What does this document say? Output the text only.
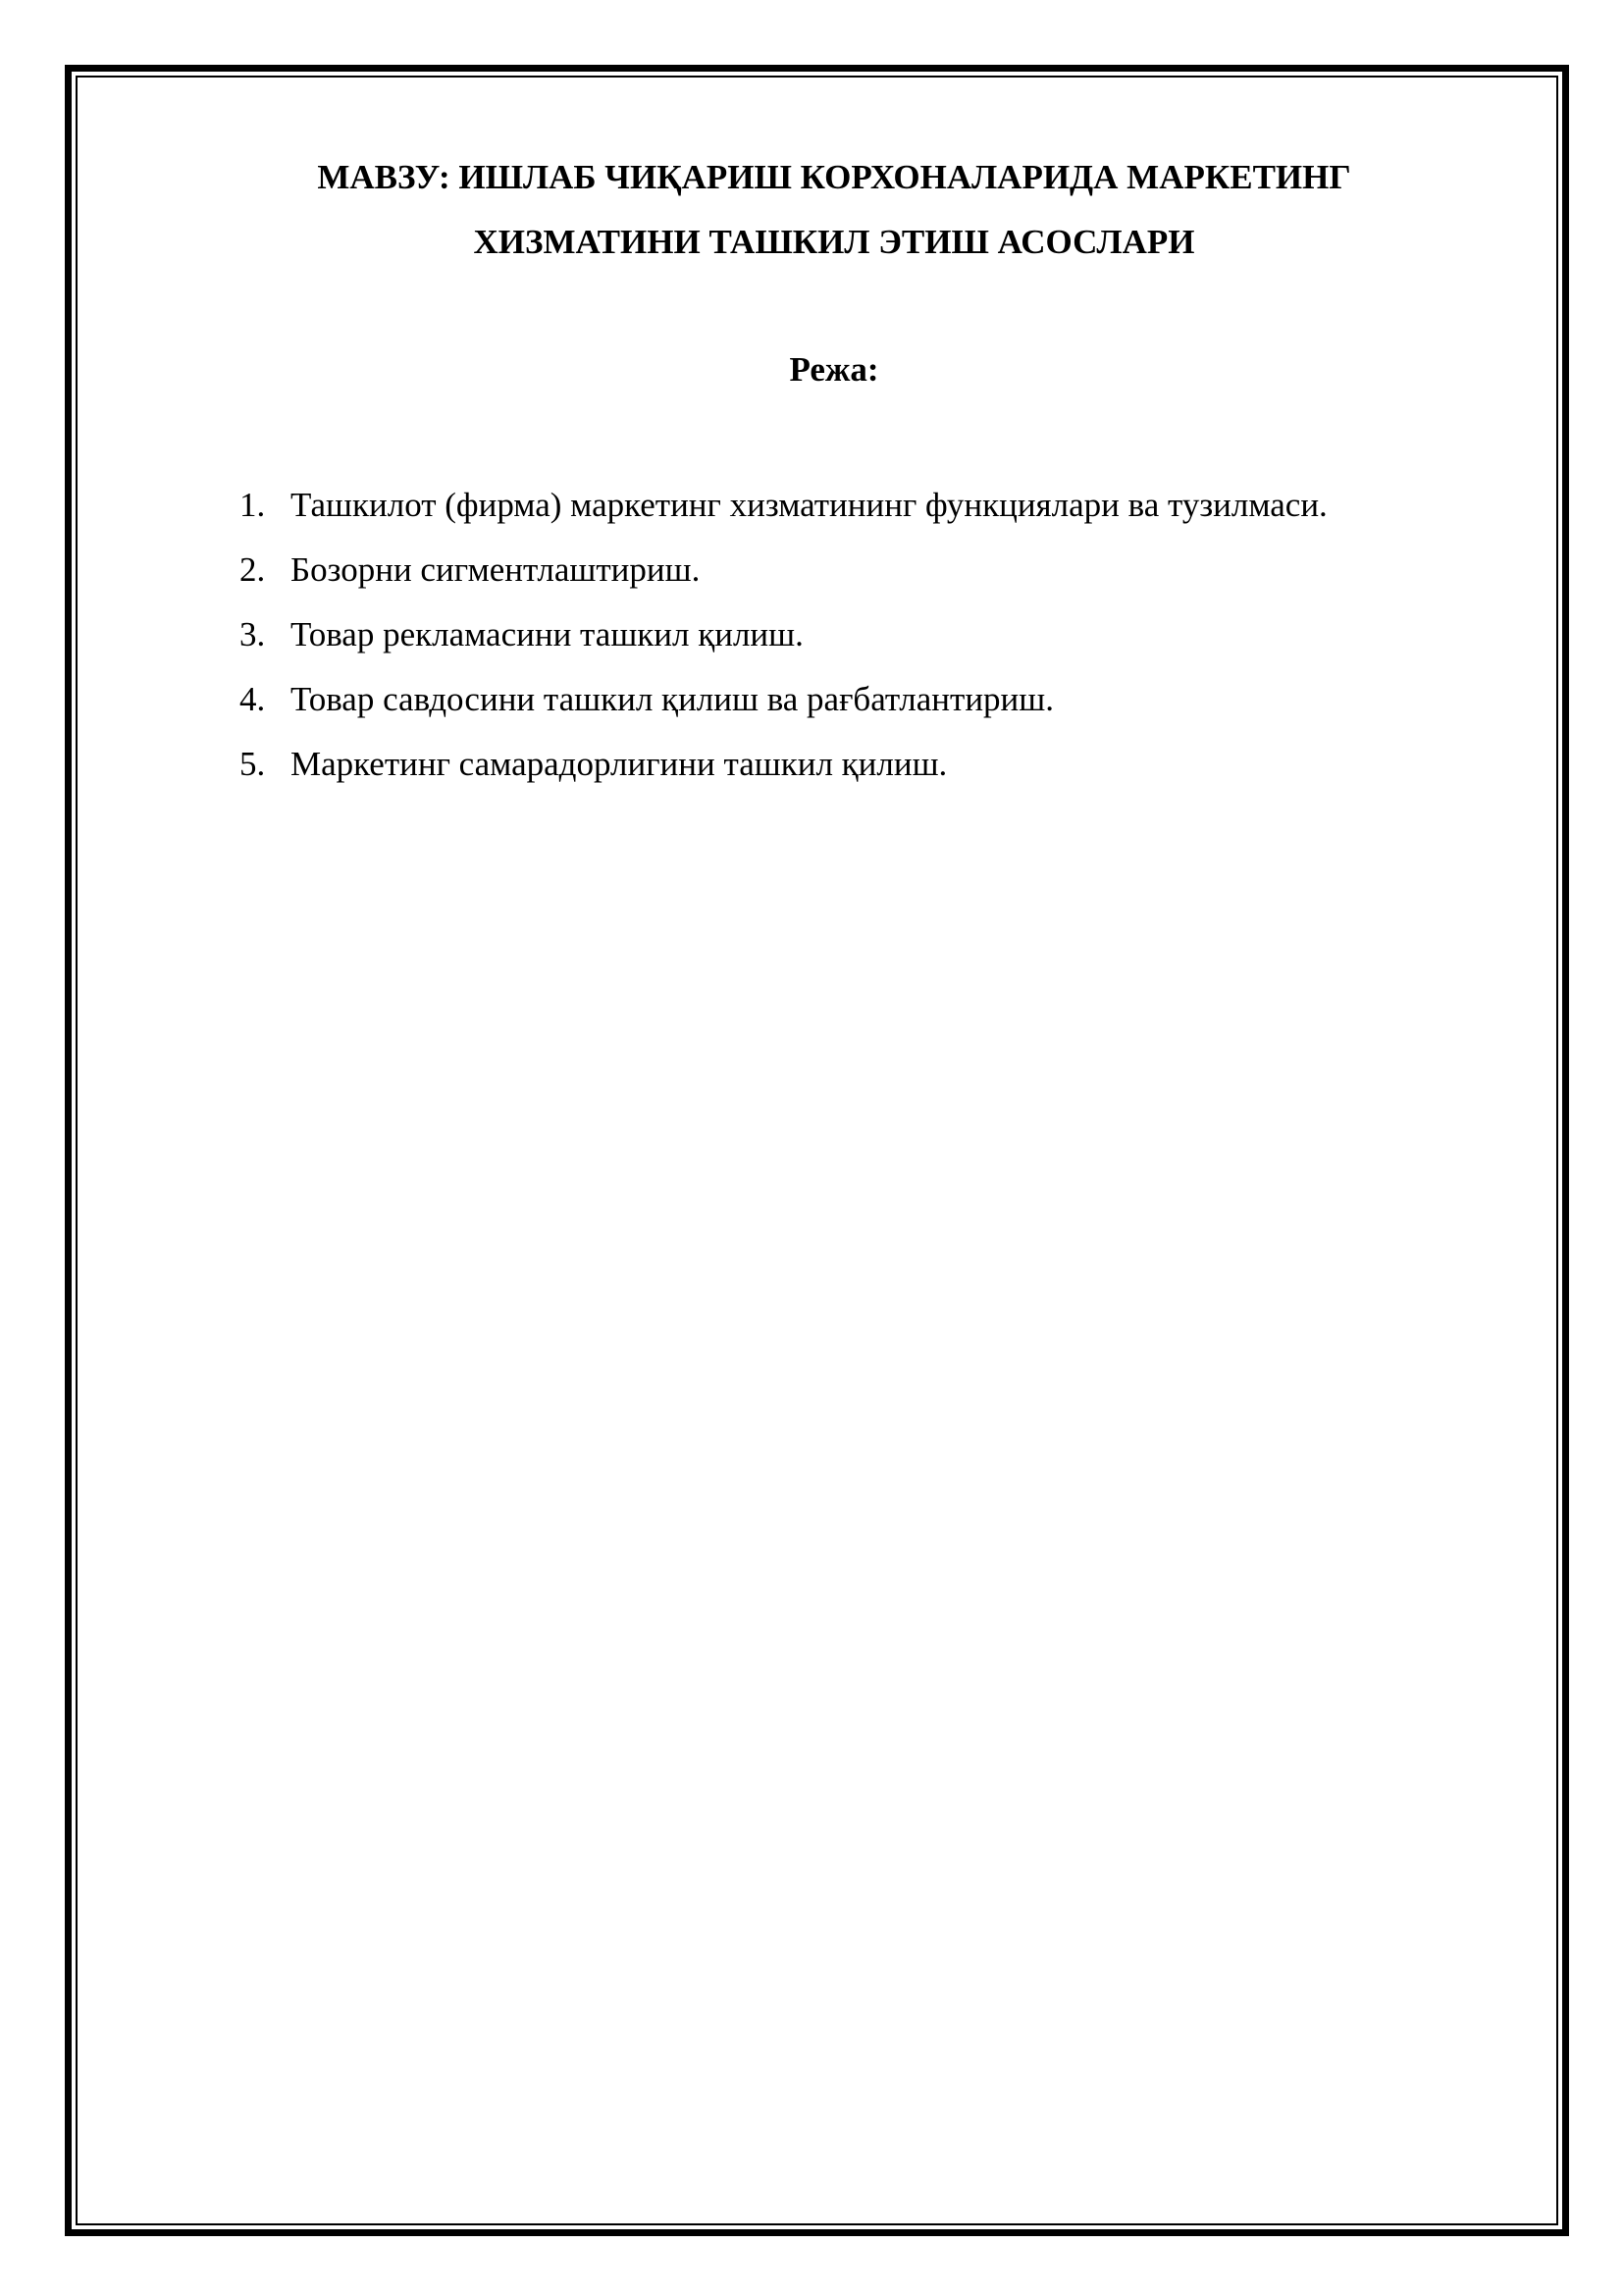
МАВЗУ: ИШЛАБ ЧИҚАРИШ КОРХОНАЛАРИДА МАРКЕТИНГ
ХИЗМАТИНИ ТАШКИЛ ЭТИШ АСОСЛАРИ
Режа:
1. Ташкилот (фирма) маркетинг хизматининг функциялари ва тузилмаси.
2. Бозорни сигментлаштириш.
3. Товар рекламасини ташкил қилиш.
4. Товар савдосини ташкил қилиш ва рағбатлантириш.
5. Маркетинг самарадорлигини ташкил қилиш.
